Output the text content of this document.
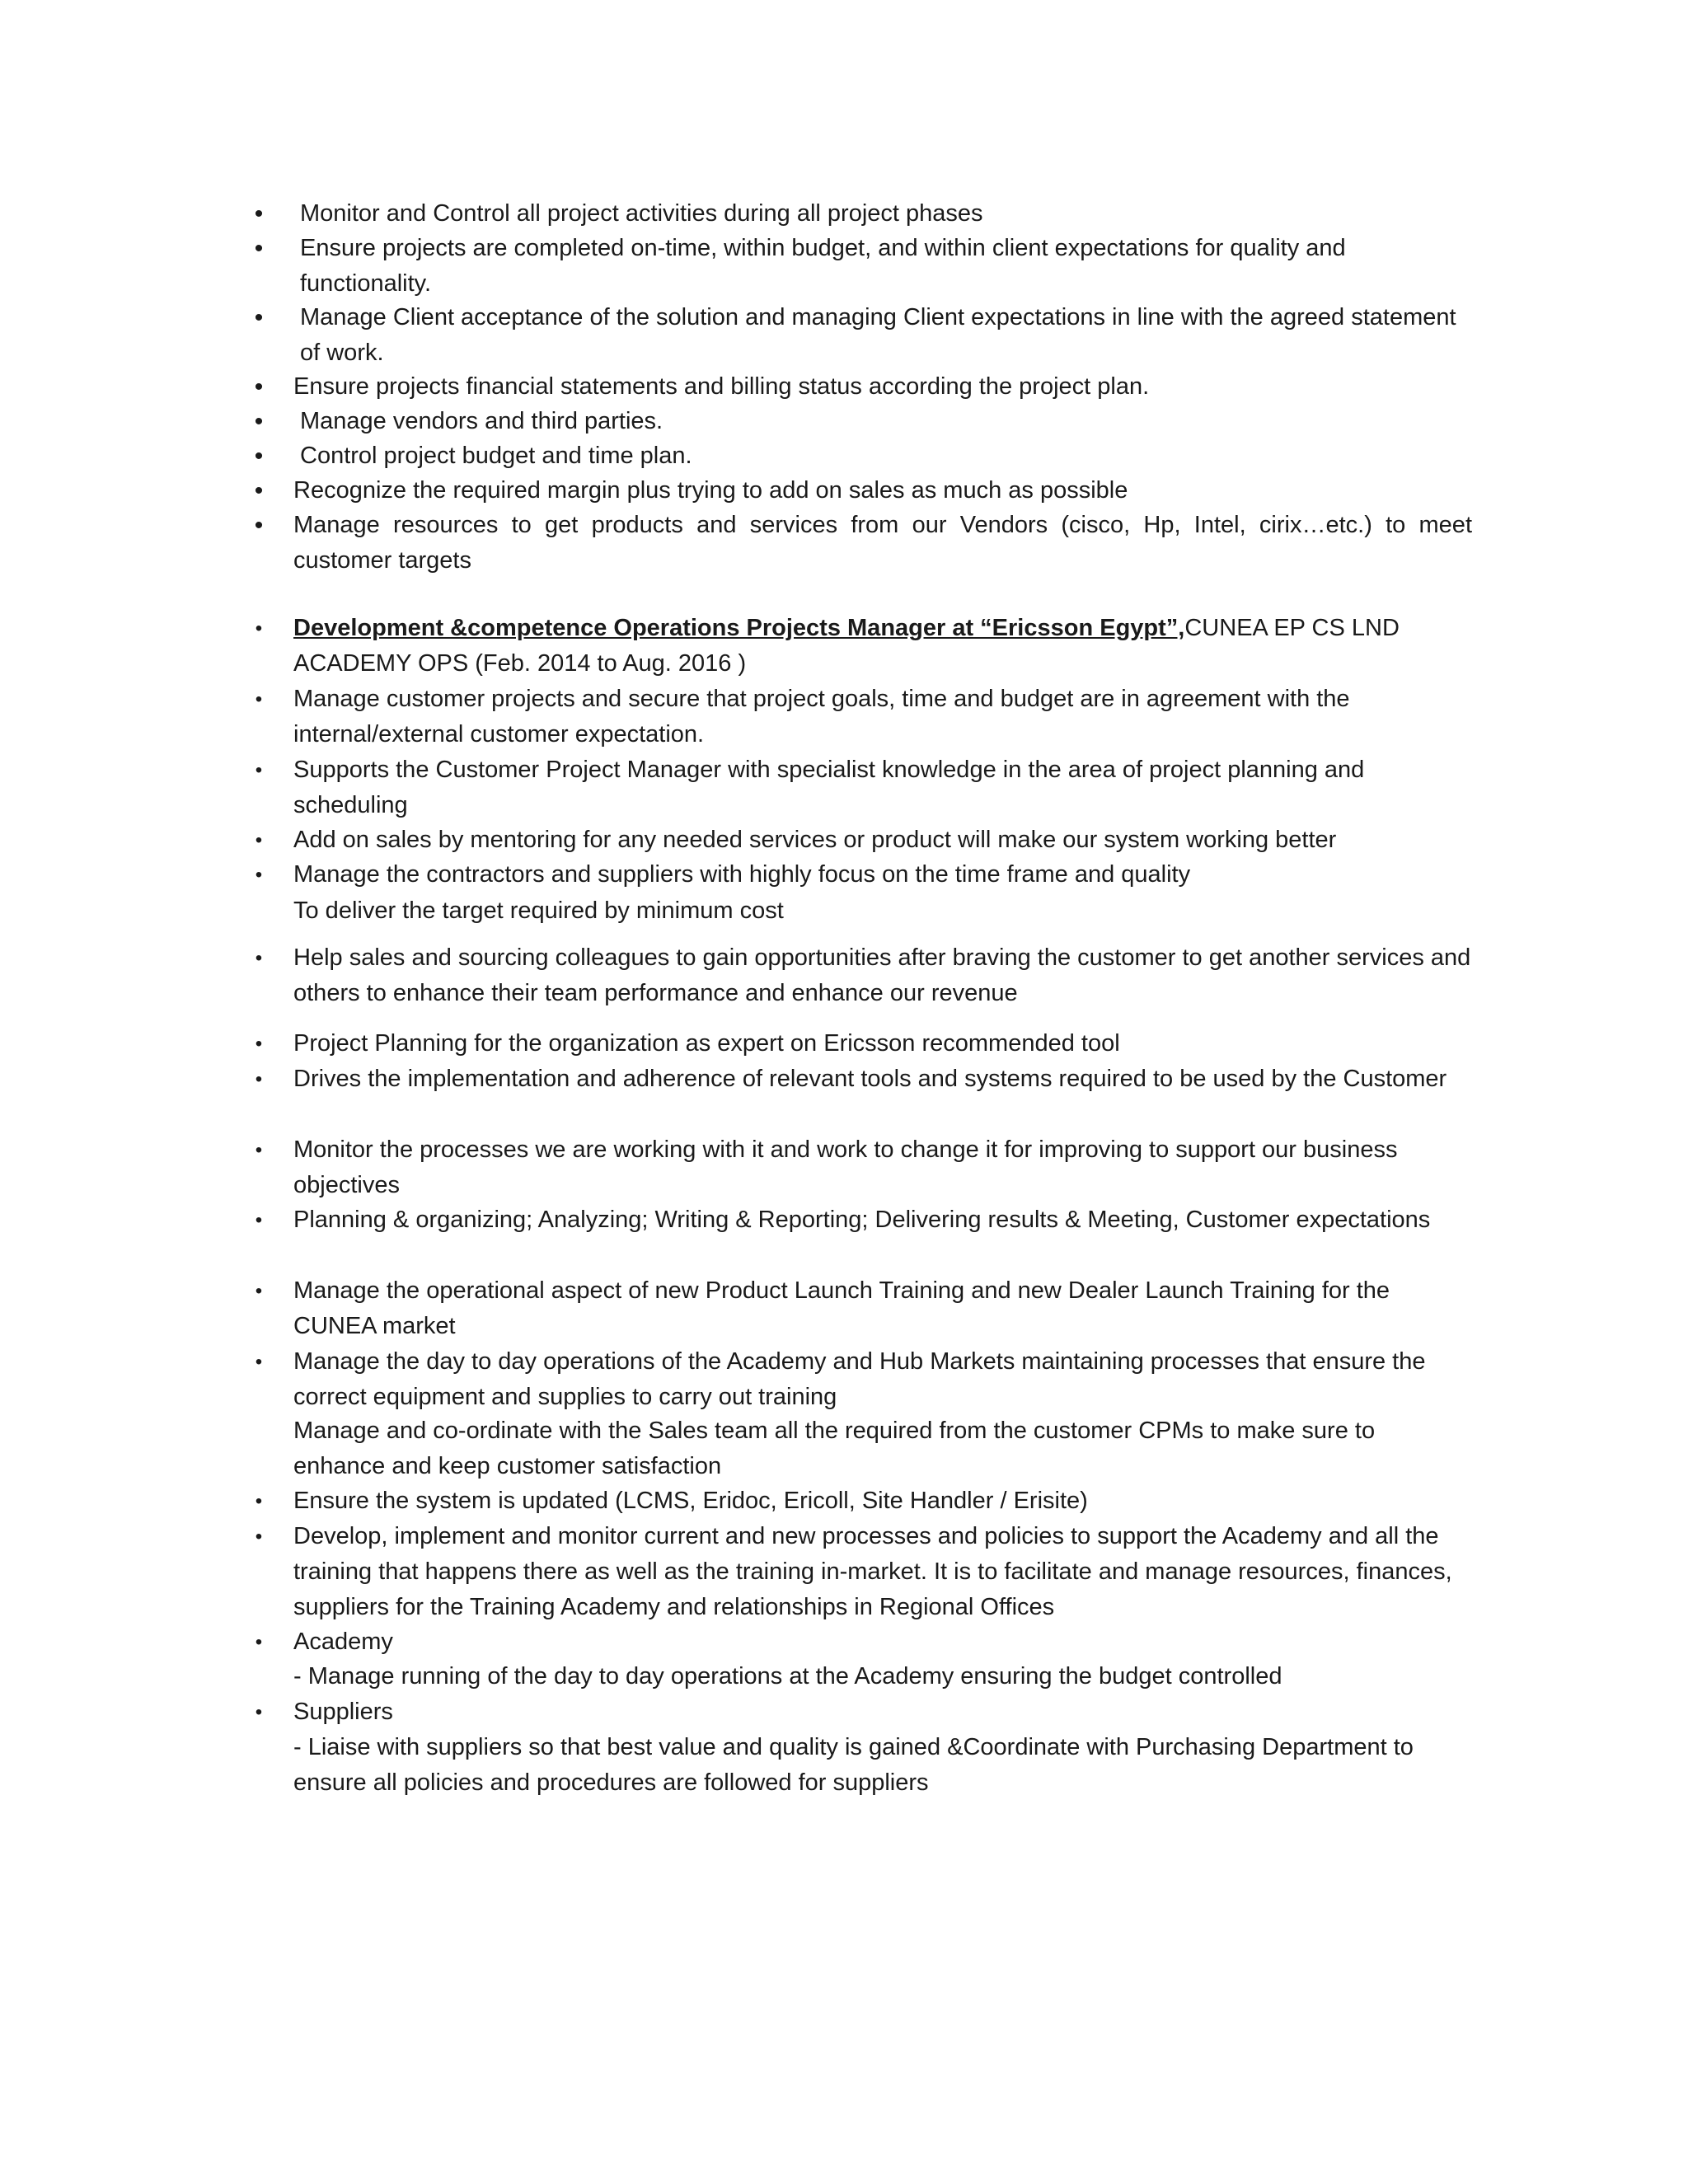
• Monitor and Control all project activities during all project phases
• Ensure projects are completed on-time, within budget, and within client expectations for quality and functionality.
• Manage Client acceptance of the solution and managing Client expectations in line with the agreed statement of work.
• Ensure projects financial statements and billing status according the project plan.
• Manage vendors and third parties.
• Control project budget and time plan.
• Recognize the required margin plus trying to add on sales as much as possible
• Manage resources to get products and services from our Vendors (cisco, Hp, Intel, cirix…etc.) to meet customer targets
• Development &competence Operations Projects Manager at “Ericsson Egypt”,CUNEA EP CS LND ACADEMY OPS (Feb. 2014 to Aug. 2016 )
• Manage customer projects and secure that project goals, time and budget are in agreement with the internal/external customer expectation.
• Supports the Customer Project Manager with specialist knowledge in the area of project planning and scheduling
• Add on sales by mentoring for any needed services or product will make our system working better
• Manage the contractors and suppliers with highly focus on the time frame and quality
To deliver the target required by minimum cost
• Help sales and sourcing colleagues to gain opportunities after braving the customer to get another services and others to enhance their team performance and enhance our revenue
• Project Planning for the organization as expert on Ericsson recommended tool
• Drives the implementation and adherence of relevant tools and systems required to be used by the Customer
• Monitor the processes we are working with it and work to change it for improving to support our business objectives
• Planning & organizing; Analyzing; Writing & Reporting; Delivering results & Meeting, Customer expectations
• Manage the operational aspect of new Product Launch Training and new Dealer Launch Training for the CUNEA market
• Manage the day to day operations of the Academy and Hub Markets maintaining processes that ensure the correct equipment and supplies to carry out training
Manage and co-ordinate with the Sales team all the required from the customer CPMs to make sure to enhance and keep customer satisfaction
• Ensure the system is updated (LCMS, Eridoc, Ericoll, Site Handler / Erisite)
• Develop, implement and monitor current and new processes and policies to support the Academy and all the training that happens there as well as the training in-market. It is to facilitate and manage resources, finances, suppliers for the Training Academy and relationships in Regional Offices
• Academy
- Manage running of the day to day operations at the Academy ensuring the budget controlled
• Suppliers
- Liaise with suppliers so that best value and quality is gained &Coordinate with Purchasing Department to ensure all policies and procedures are followed for suppliers
